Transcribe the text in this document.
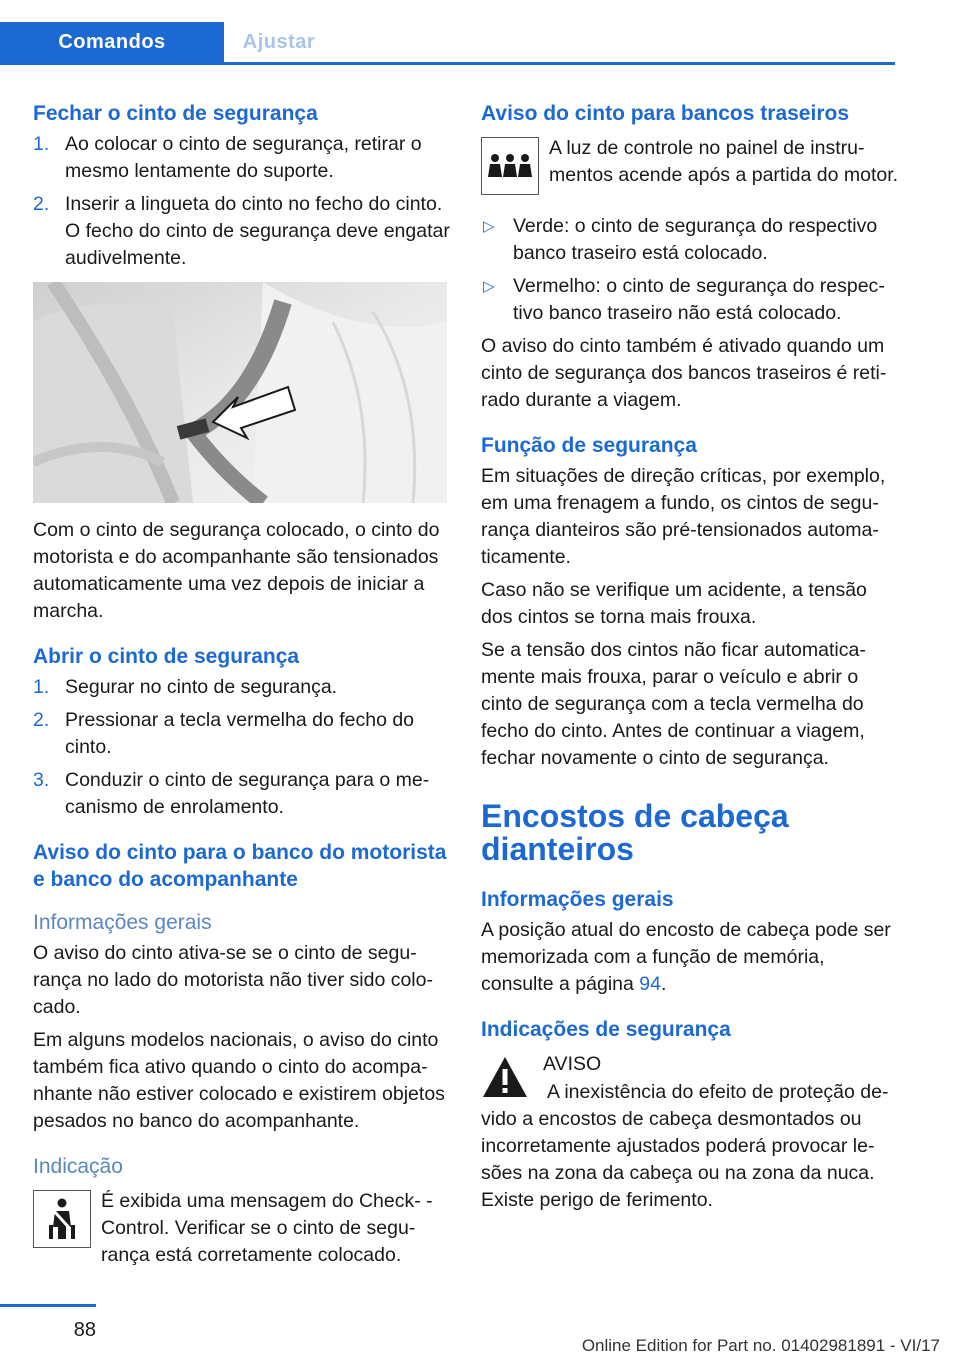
Comandos	Ajustar
Fechar o cinto de segurança
1. Ao colocar o cinto de segurança, retirar o mesmo lentamente do suporte.
2. Inserir a lingueta do cinto no fecho do cinto. O fecho do cinto de segurança deve engatar audivelmente.

Com o cinto de segurança colocado, o cinto do motorista e do acompanhante são tensionados automaticamente uma vez depois de iniciar a marcha.

Abrir o cinto de segurança
1. Segurar no cinto de segurança.
2. Pressionar a tecla vermelha do fecho do cinto.
3. Conduzir o cinto de segurança para o mecanismo de enrolamento.
Aviso do cinto para o banco do motorista e banco do acompanhante
Informações gerais

O aviso do cinto ativa-se se o cinto de segurança no lado do motorista não tiver sido colocado.

Em alguns modelos nacionais, o aviso do cinto também fica ativo quando o cinto do acompanhante não estiver colocado e existirem objetos pesados no banco do acompanhante.

Indicação
É exibida uma mensagem do Check- -Control. Verificar se o cinto de segurança está corretamente colocado.
Aviso do cinto para bancos traseiros
A luz de controle no painel de instrumentos acende após a partida do motor.
▷ Verde: o cinto de segurança do respectivo banco traseiro está colocado.
▷ Vermelho: o cinto de segurança do respectivo banco traseiro não está colocado.

O aviso do cinto também é ativado quando um cinto de segurança dos bancos traseiros é retirado durante a viagem.

Função de segurança

Em situações de direção críticas, por exemplo, em uma frenagem a fundo, os cintos de segurança dianteiros são pré-tensionados automaticamente.

Caso não se verifique um acidente, a tensão dos cintos se torna mais frouxa.

Se a tensão dos cintos não ficar automaticamente mais frouxa, parar o veículo e abrir o cinto de segurança com a tecla vermelha do fecho do cinto. Antes de continuar a viagem, fechar novamente o cinto de segurança.

Encostos de cabeça dianteiros
Informações gerais

A posição atual do encosto de cabeça pode ser memorizada com a função de memória, consulte a página 94.

Indicações de segurança
AVISO

A inexistência do efeito de proteção devido a encostos de cabeça desmontados ou incorretamente ajustados poderá provocar lesões na zona da cabeça ou na zona da nuca. Existe perigo de ferimento.

88
Online Edition for Part no. 01402981891 - VI/17
